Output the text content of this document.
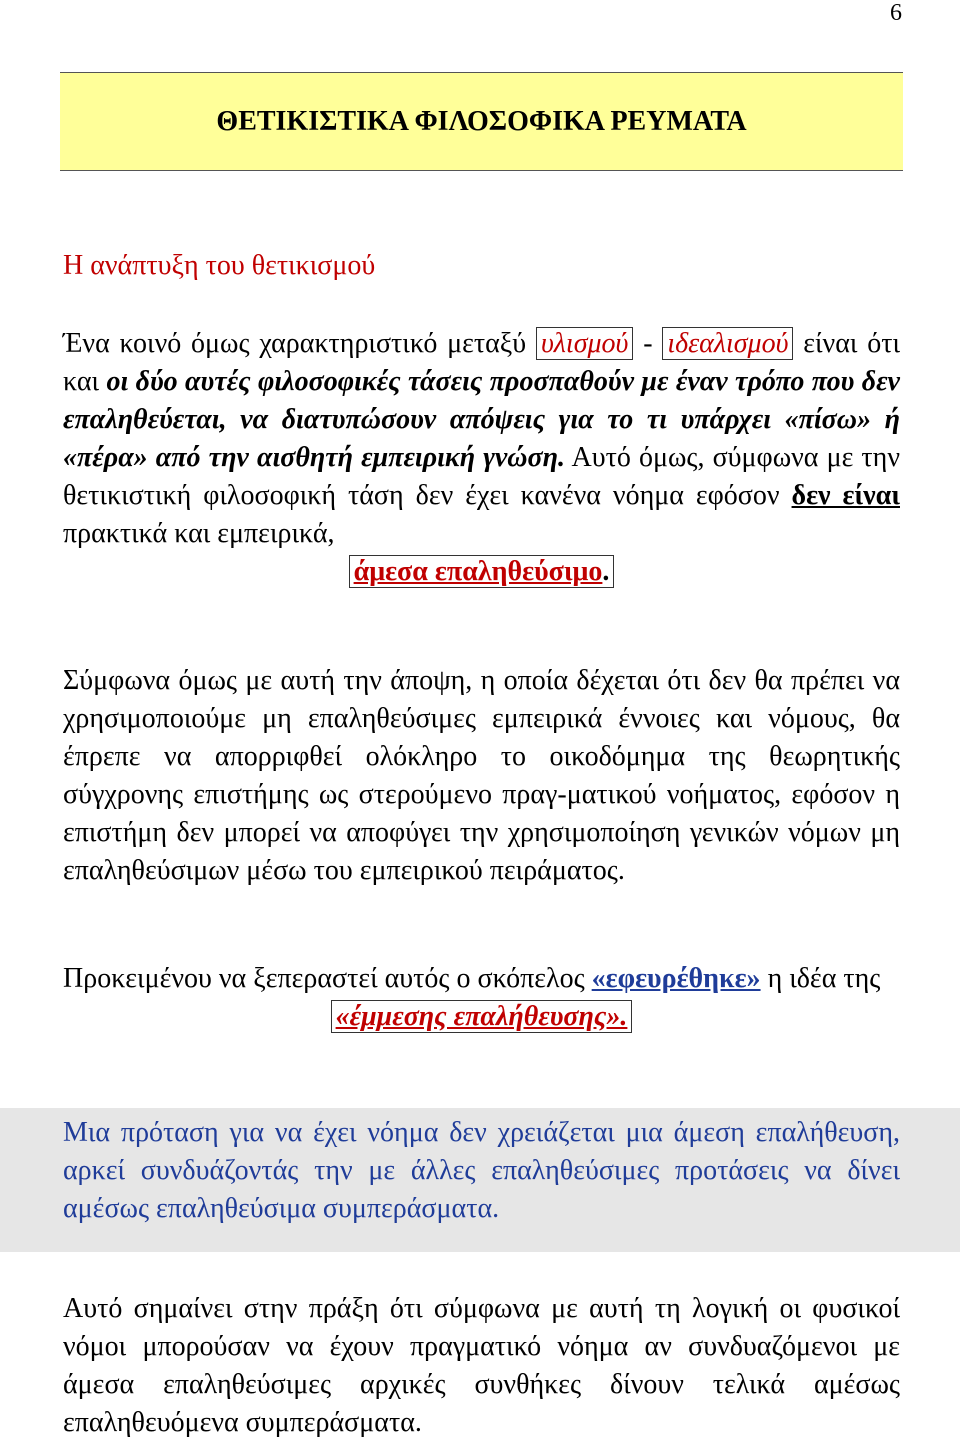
6
ΘΕΤΙΚΙΣΤΙΚΑ ΦΙΛΟΣΟΦΙΚΑ ΡΕΥΜΑΤΑ
Η ανάπτυξη του θετικισμού

Ένα κοινό όμως χαρακτηριστικό μεταξύ υλισμού - ιδεαλισμού είναι ότι και οι δύο αυτές φιλοσοφικές τάσεις προσπαθούν με έναν τρόπο που δεν επαληθεύεται, να διατυπώσουν απόψεις για το τι υπάρχει «πίσω» ή «πέρα» από την αισθητή εμπειρική γνώση. Αυτό όμως, σύμφωνα με την θετικιστική φιλοσοφική τάση δεν έχει κανένα νόημα εφόσον δεν είναι πρακτικά και εμπειρικά,
άμεσα επαληθεύσιμο.

Σύμφωνα όμως με αυτή την άποψη, η οποία δέχεται ότι δεν θα πρέπει να χρησιμοποιούμε μη επαληθεύσιμες εμπειρικά έννοιες και νόμους, θα έπρεπε να απορριφθεί ολόκληρο το οικοδόμημα της θεωρητικής σύγχρονης επιστήμης ως στερούμενο πραγ-ματικού νοήματος, εφόσον η επιστήμη δεν μπορεί να αποφύγει την χρησιμοποίηση γενικών νόμων μη επαληθεύσιμων μέσω του εμπειρικού πειράματος.

Προκειμένου να ξεπεραστεί αυτός ο σκόπελος «εφευρέθηκε» η ιδέα της
«έμμεσης επαλήθευσης».

Μια πρόταση για να έχει νόημα δεν χρειάζεται μια άμεση επαλήθευση, αρκεί συνδυάζοντάς την με άλλες επαληθεύσιμες προτάσεις να δίνει αμέσως επαληθεύσιμα συμπεράσματα.

Αυτό σημαίνει στην πράξη ότι σύμφωνα με αυτή τη λογική οι φυσικοί νόμοι μπορούσαν να έχουν πραγματικό νόημα αν συνδυαζόμενοι με άμεσα επαληθεύσιμες αρχικές συνθήκες δίνουν τελικά αμέσως επαληθευόμενα συμπεράσματα.
